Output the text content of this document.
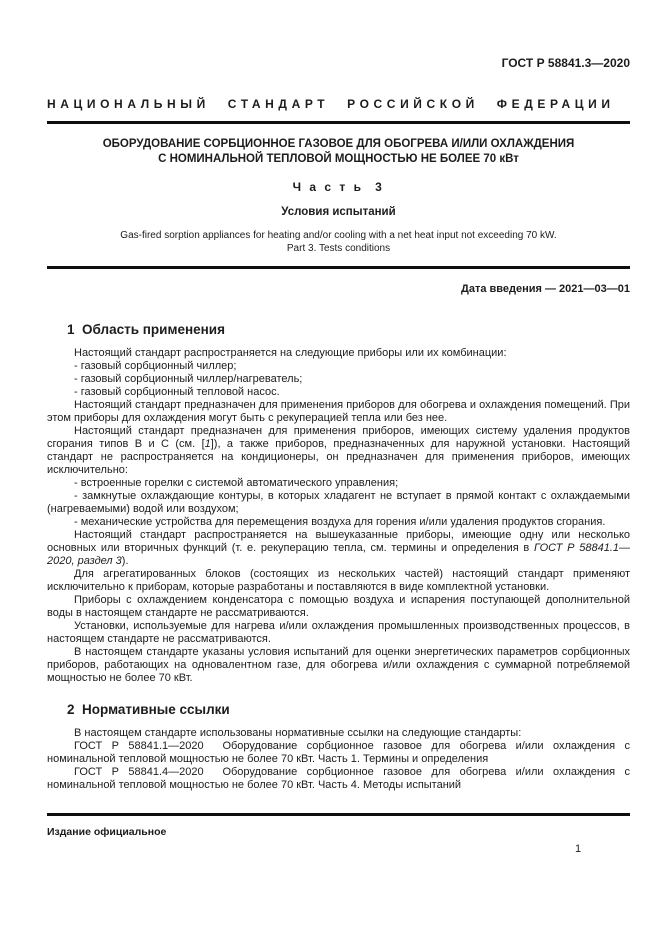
ГОСТ Р 58841.3—2020
НАЦИОНАЛЬНЫЙ СТАНДАРТ РОССИЙСКОЙ ФЕДЕРАЦИИ
ОБОРУДОВАНИЕ СОРБЦИОННОЕ ГАЗОВОЕ ДЛЯ ОБОГРЕВА И/ИЛИ ОХЛАЖДЕНИЯ
С НОМИНАЛЬНОЙ ТЕПЛОВОЙ МОЩНОСТЬЮ НЕ БОЛЕЕ 70 кВт
Ч а с т ь  3
Условия испытаний
Gas-fired sorption appliances for heating and/or cooling with a net heat input not exceeding 70 kW.
Part 3. Tests conditions
Дата введения — 2021—03—01
1  Область применения

Настоящий стандарт распространяется на следующие приборы или их комбинации:

- газовый сорбционный чиллер;

- газовый сорбционный чиллер/нагреватель;

- газовый сорбционный тепловой насос.

Настоящий стандарт предназначен для применения приборов для обогрева и охлаждения помещений. При этом приборы для охлаждения могут быть с рекуперацией тепла или без нее.

Настоящий стандарт предназначен для применения приборов, имеющих систему удаления продуктов сгорания типов В и С (см. [1]), а также приборов, предназначенных для наружной установки. Настоящий стандарт не распространяется на кондиционеры, он предназначен для применения приборов, имеющих исключительно:

- встроенные горелки с системой автоматического управления;

- замкнутые охлаждающие контуры, в которых хладагент не вступает в прямой контакт с охлаждаемыми (нагреваемыми) водой или воздухом;

- механические устройства для перемещения воздуха для горения и/или удаления продуктов сгорания.

Настоящий стандарт распространяется на вышеуказанные приборы, имеющие одну или несколько основных или вторичных функций (т. е. рекуперацию тепла, см. термины и определения в ГОСТ Р 58841.1—2020, раздел 3).

Для агрегатированных блоков (состоящих из нескольких частей) настоящий стандарт применяют исключительно к приборам, которые разработаны и поставляются в виде комплектной установки.

Приборы с охлаждением конденсатора с помощью воздуха и испарения поступающей дополнительной воды в настоящем стандарте не рассматриваются.

Установки, используемые для нагрева и/или охлаждения промышленных производственных процессов, в настоящем стандарте не рассматриваются.

В настоящем стандарте указаны условия испытаний для оценки энергетических параметров сорбционных приборов, работающих на одновалентном газе, для обогрева и/или охлаждения с суммарной потребляемой мощностью не более 70 кВт.

2  Нормативные ссылки

В настоящем стандарте использованы нормативные ссылки на следующие стандарты:

ГОСТ Р 58841.1—2020  Оборудование сорбционное газовое для обогрева и/или охлаждения с номинальной тепловой мощностью не более 70 кВт. Часть 1. Термины и определения

ГОСТ Р 58841.4—2020  Оборудование сорбционное газовое для обогрева и/или охлаждения с номинальной тепловой мощностью не более 70 кВт. Часть 4. Методы испытаний

Издание официальное
1
